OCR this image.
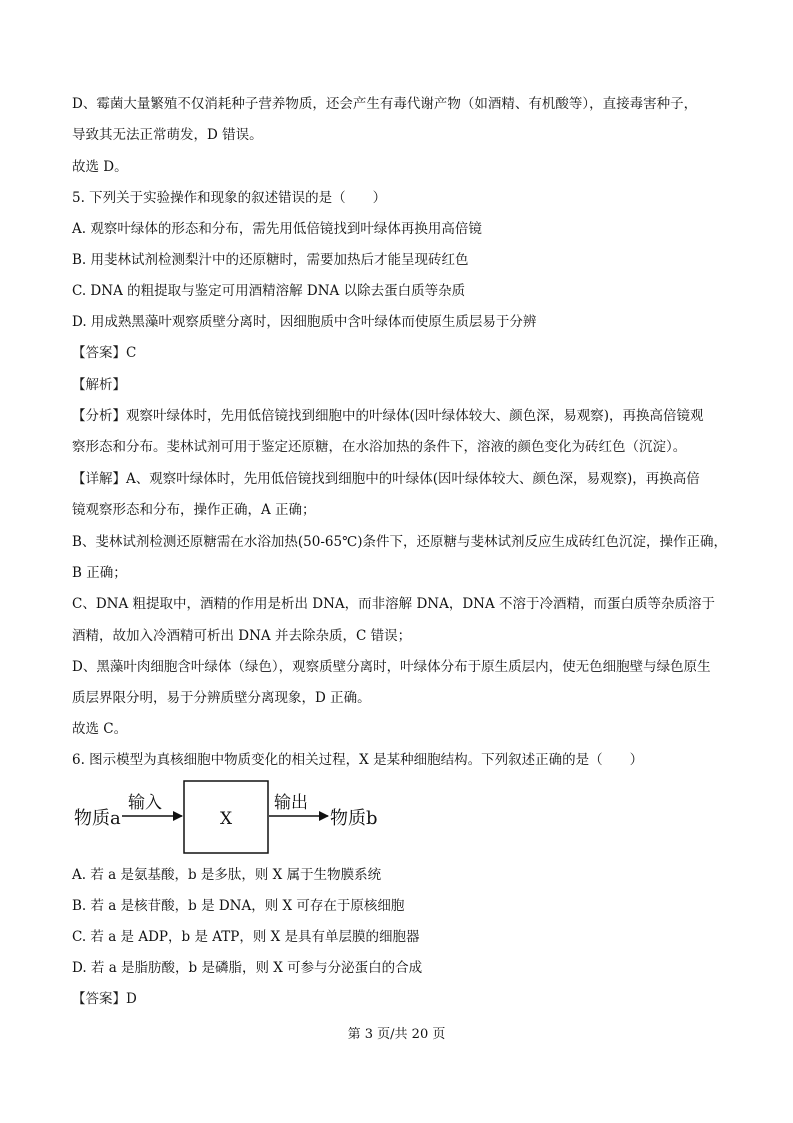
D、霉菌大量繁殖不仅消耗种子营养物质，还会产生有毒代谢产物（如酒精、有机酸等），直接毒害种子，
导致其无法正常萌发，D 错误。
故选 D。
5. 下列关于实验操作和现象的叙述错误的是（　　）
A. 观察叶绿体的形态和分布，需先用低倍镜找到叶绿体再换用高倍镜
B. 用斐林试剂检测梨汁中的还原糖时，需要加热后才能呈现砖红色
C. DNA 的粗提取与鉴定可用酒精溶解 DNA 以除去蛋白质等杂质
D. 用成熟黑藻叶观察质壁分离时，因细胞质中含叶绿体而使原生质层易于分辨
【答案】C
【解析】
【分析】观察叶绿体时，先用低倍镜找到细胞中的叶绿体(因叶绿体较大、颜色深，易观察)，再换高倍镜观
察形态和分布。斐林试剂可用于鉴定还原糖，在水浴加热的条件下，溶液的颜色变化为砖红色（沉淀）。
【详解】A、观察叶绿体时，先用低倍镜找到细胞中的叶绿体(因叶绿体较大、颜色深，易观察)，再换高倍
镜观察形态和分布，操作正确，A 正确；
B、斐林试剂检测还原糖需在水浴加热(50-65℃)条件下，还原糖与斐林试剂反应生成砖红色沉淀，操作正确，
B 正确；
C、DNA 粗提取中，酒精的作用是析出 DNA，而非溶解 DNA，DNA 不溶于冷酒精，而蛋白质等杂质溶于
酒精，故加入冷酒精可析出 DNA 并去除杂质，C 错误；
D、黑藻叶肉细胞含叶绿体（绿色），观察质壁分离时，叶绿体分布于原生质层内，使无色细胞壁与绿色原生
质层界限分明，易于分辨质壁分离现象，D 正确。
故选 C。
6. 图示模型为真核细胞中物质变化的相关过程，X 是某种细胞结构。下列叙述正确的是（　　）
物质a
输入
X
输出
物质b
A. 若 a 是氨基酸，b 是多肽，则 X 属于生物膜系统
B. 若 a 是核苷酸，b 是 DNA，则 X 可存在于原核细胞
C. 若 a 是 ADP，b 是 ATP，则 X 是具有单层膜的细胞器
D. 若 a 是脂肪酸，b 是磷脂，则 X 可参与分泌蛋白的合成
【答案】D
第 3 页/共 20 页
